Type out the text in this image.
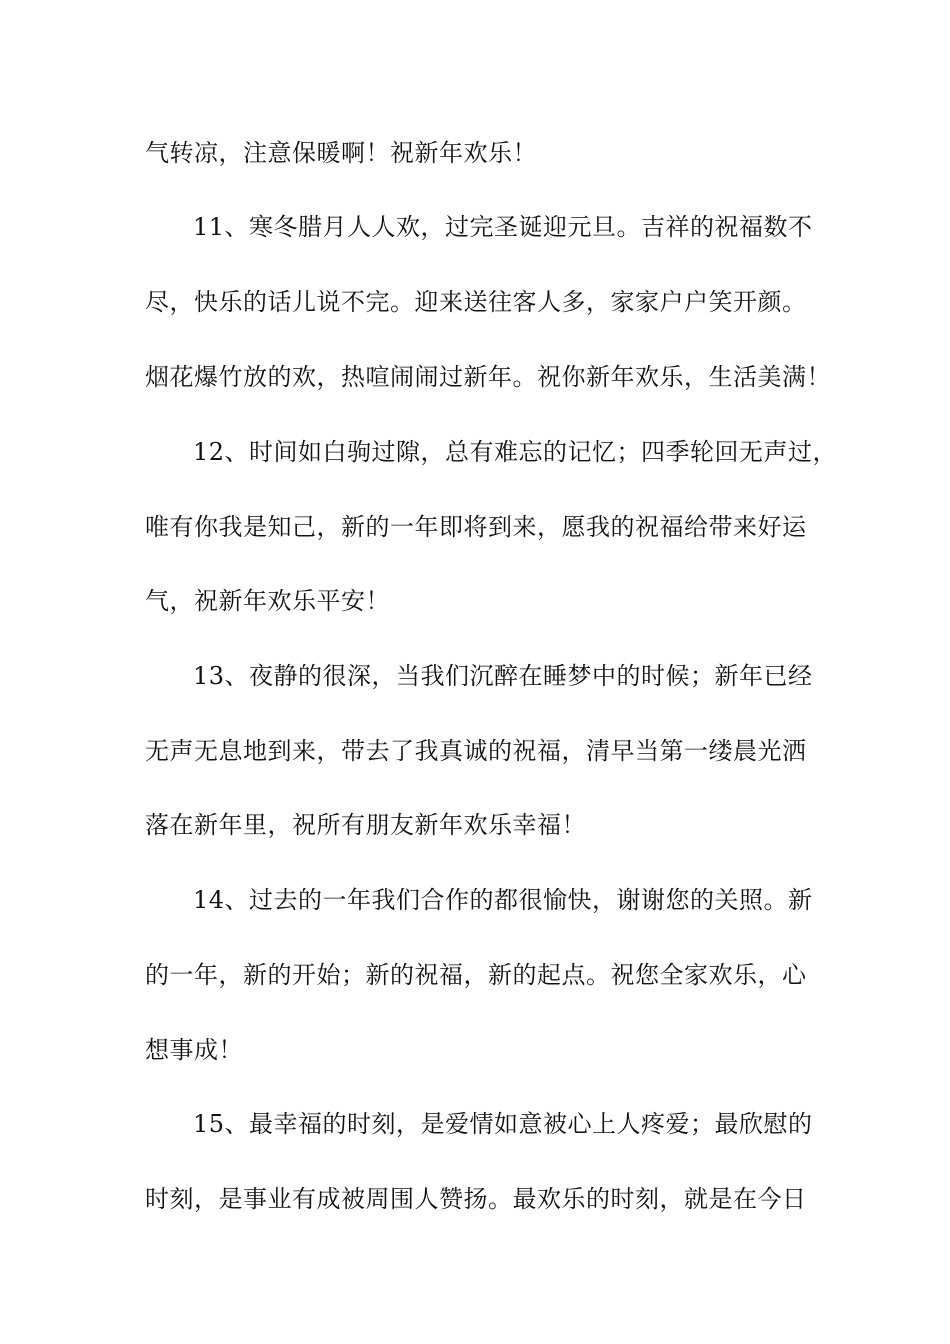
气转凉，注意保暖啊！祝新年欢乐！
11、寒冬腊月人人欢，过完圣诞迎元旦。吉祥的祝福数不
尽，快乐的话儿说不完。迎来送往客人多，家家户户笑开颜。
烟花爆竹放的欢，热喧闹闹过新年。祝你新年欢乐，生活美满！
12、时间如白驹过隙，总有难忘的记忆；四季轮回无声过，
唯有你我是知己，新的一年即将到来，愿我的祝福给带来好运
气，祝新年欢乐平安！
13、夜静的很深，当我们沉醉在睡梦中的时候；新年已经
无声无息地到来，带去了我真诚的祝福，清早当第一缕晨光洒
落在新年里，祝所有朋友新年欢乐幸福！
14、过去的一年我们合作的都很愉快，谢谢您的关照。新
的一年，新的开始；新的祝福，新的起点。祝您全家欢乐，心
想事成！
15、最幸福的时刻，是爱情如意被心上人疼爱；最欣慰的
时刻，是事业有成被周围人赞扬。最欢乐的时刻，就是在今日
